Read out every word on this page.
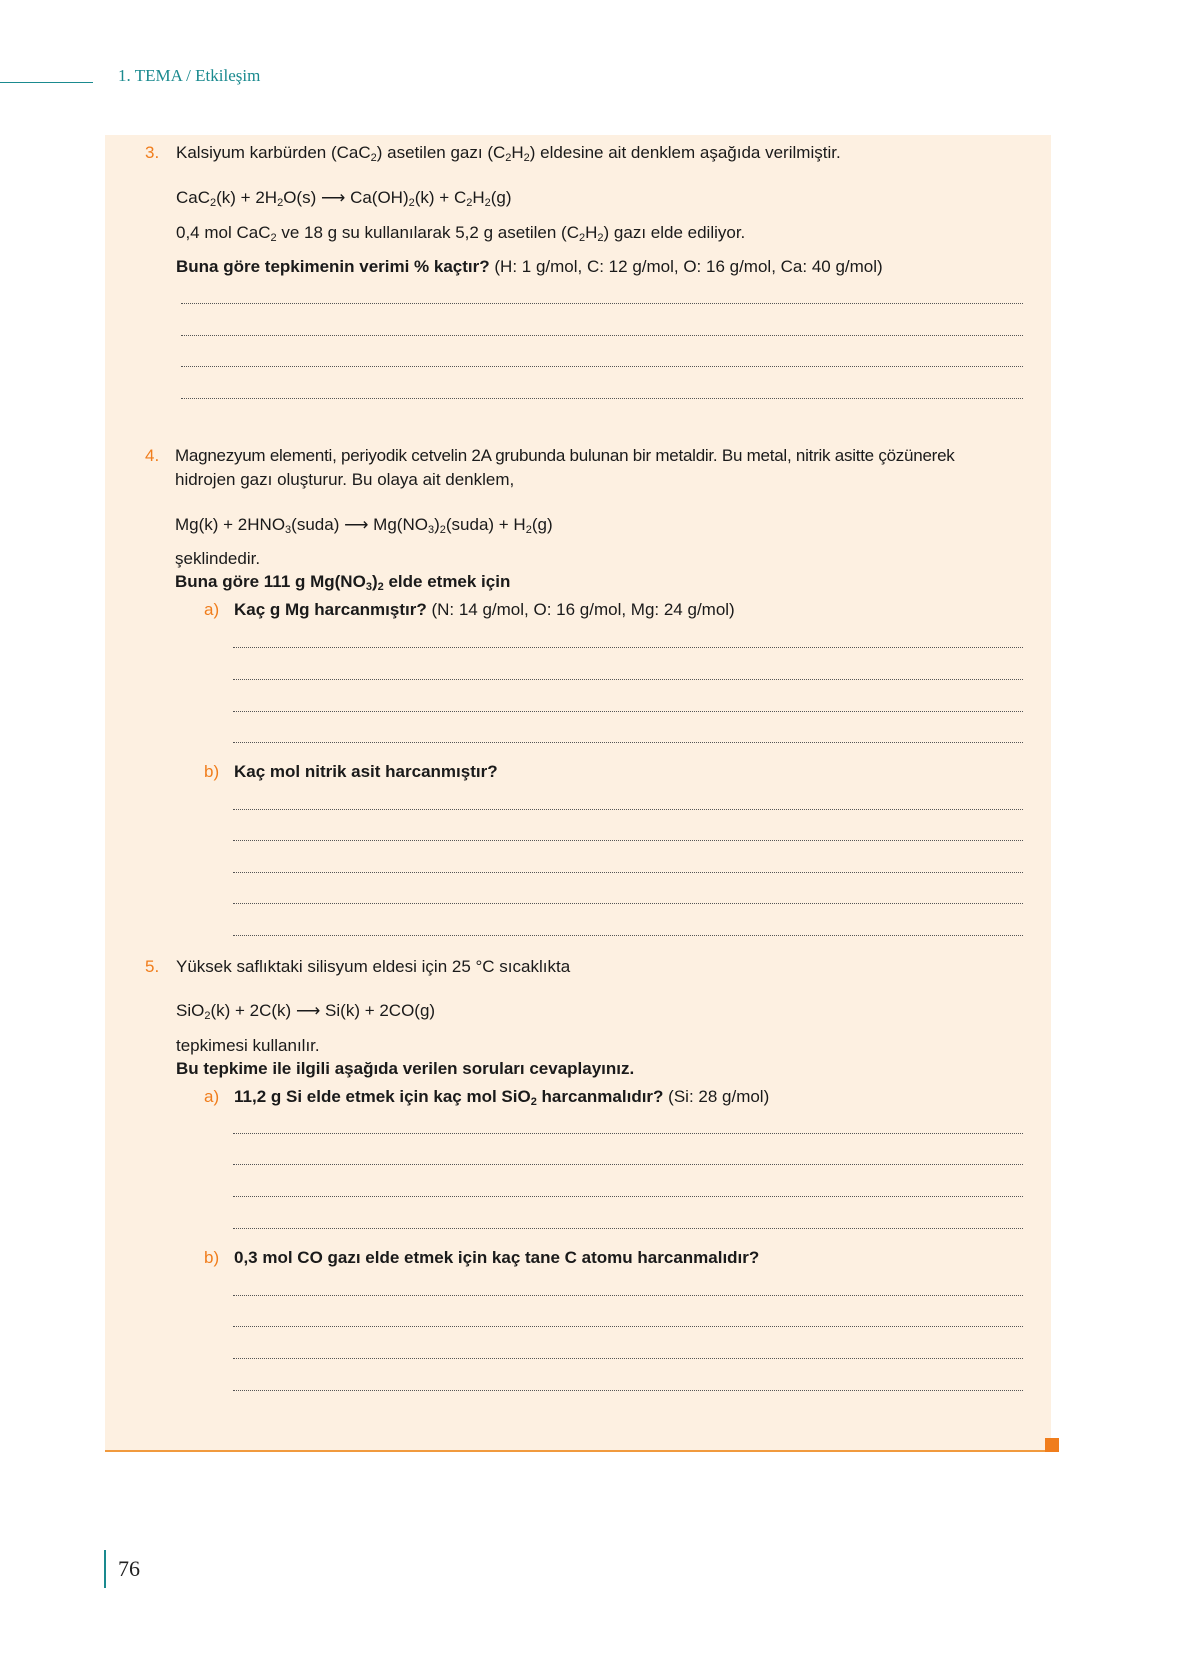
1. TEMA / Etkileşim
3. Kalsiyum karbürden (CaC$_2$) asetilen gazı $(C_2H_2)$ eldesine ait denklem aşağıda verilmiştir.
$CaC_2(k) + 2H_2O(s)$ ⟶ $Ca(OH)_2(k) + C_2H_2(g)$
0,4 mol CaC$_2$ ve 18 g su kullanılarak 5,2 g asetilen $(C_2H_2)$ gazı elde ediliyor.
Buna göre tepkimenin verimi % kaçtır? (H: 1 g/mol, C: 12 g/mol, O: 16 g/mol, Ca: 40 g/mol)
4. Magnezyum elementi, periyodik cetvelin 2A grubunda bulunan bir metaldir. Bu metal, nitrik asitte çözünerek
hidrojen gazı oluşturur. Bu olaya ait denklem,
$Mg(k) + 2HNO_3(suda)$ ⟶ $Mg(NO_3)_2(suda) + H_2(g)$
şeklindedir.
Buna göre 111 g $Mg(NO_3)_2$ elde etmek için
a) Kaç g Mg harcanmıştır? (N: 14 g/mol, O: 16 g/mol, Mg: 24 g/mol)
b) Kaç mol nitrik asit harcanmıştır?
5. Yüksek saflıktaki silisyum eldesi için 25 °C sıcaklıkta
SiO$_2$(k) + 2C(k) ⟶ Si(k) + 2CO(g)
tepkimesi kullanılır.
Bu tepkime ile ilgili aşağıda verilen soruları cevaplayınız.
a) 11,2 g Si elde etmek için kaç mol SiO$_2$ harcanmalıdır? (Si: 28 g/mol)
b) 0,3 mol CO gazı elde etmek için kaç tane C atomu harcanmalıdır?
76
